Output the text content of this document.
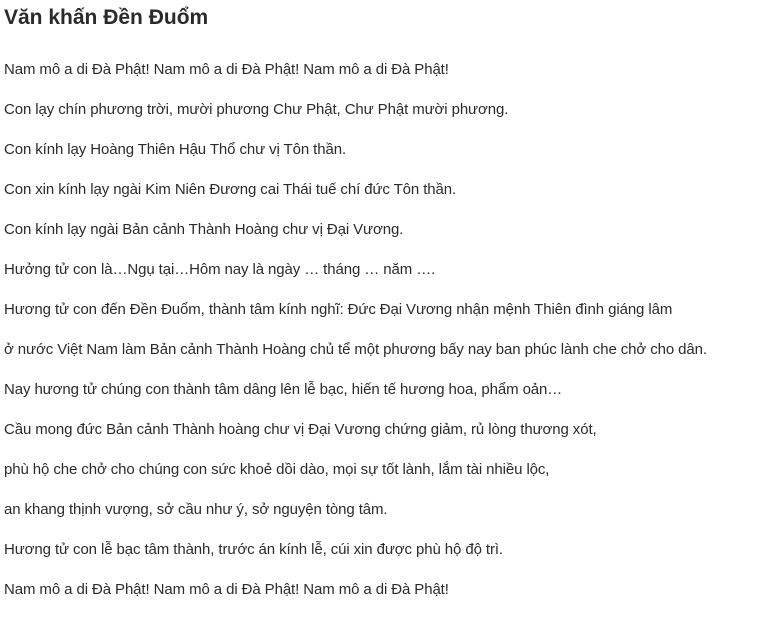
Văn khấn Đền Đuổm

Nam mô a di Đà Phật! Nam mô a di Đà Phật! Nam mô a di Đà Phật!

Con lạy chín phương trời, mười phương Chư Phật, Chư Phật mười phương.

Con kính lạy Hoàng Thiên Hậu Thổ chư vị Tôn thần.

Con xin kính lạy ngài Kim Niên Đương cai Thái tuế chí đức Tôn thần.

Con kính lạy ngài Bản cảnh Thành Hoàng chư vị Đại Vương.

Hưởng tử con là…Ngụ tại…Hôm nay là ngày … tháng … năm ….

Hương tử con đến Đền Đuổm, thành tâm kính nghĩ: Đức Đại Vương nhận mệnh Thiên đình giáng lâm

ở nước Việt Nam làm Bản cảnh Thành Hoàng chủ tể một phương bấy nay ban phúc lành che chở cho dân.

Nay hương tử chúng con thành tâm dâng lên lễ bạc, hiến tế hương hoa, phẩm oản…

Cầu mong đức Bản cảnh Thành hoàng chư vị Đại Vương chứng giảm, rủ lòng thương xót,

phù hộ che chở cho chúng con sức khoẻ dồi dào, mọi sự tốt lành, lắm tài nhiều lộc,

an khang thịnh vượng, sở cầu như ý, sở nguyện tòng tâm.

Hương tử con lễ bạc tâm thành, trước án kính lễ, cúi xin được phù hộ độ trì.

Nam mô a di Đà Phật! Nam mô a di Đà Phật! Nam mô a di Đà Phật!
